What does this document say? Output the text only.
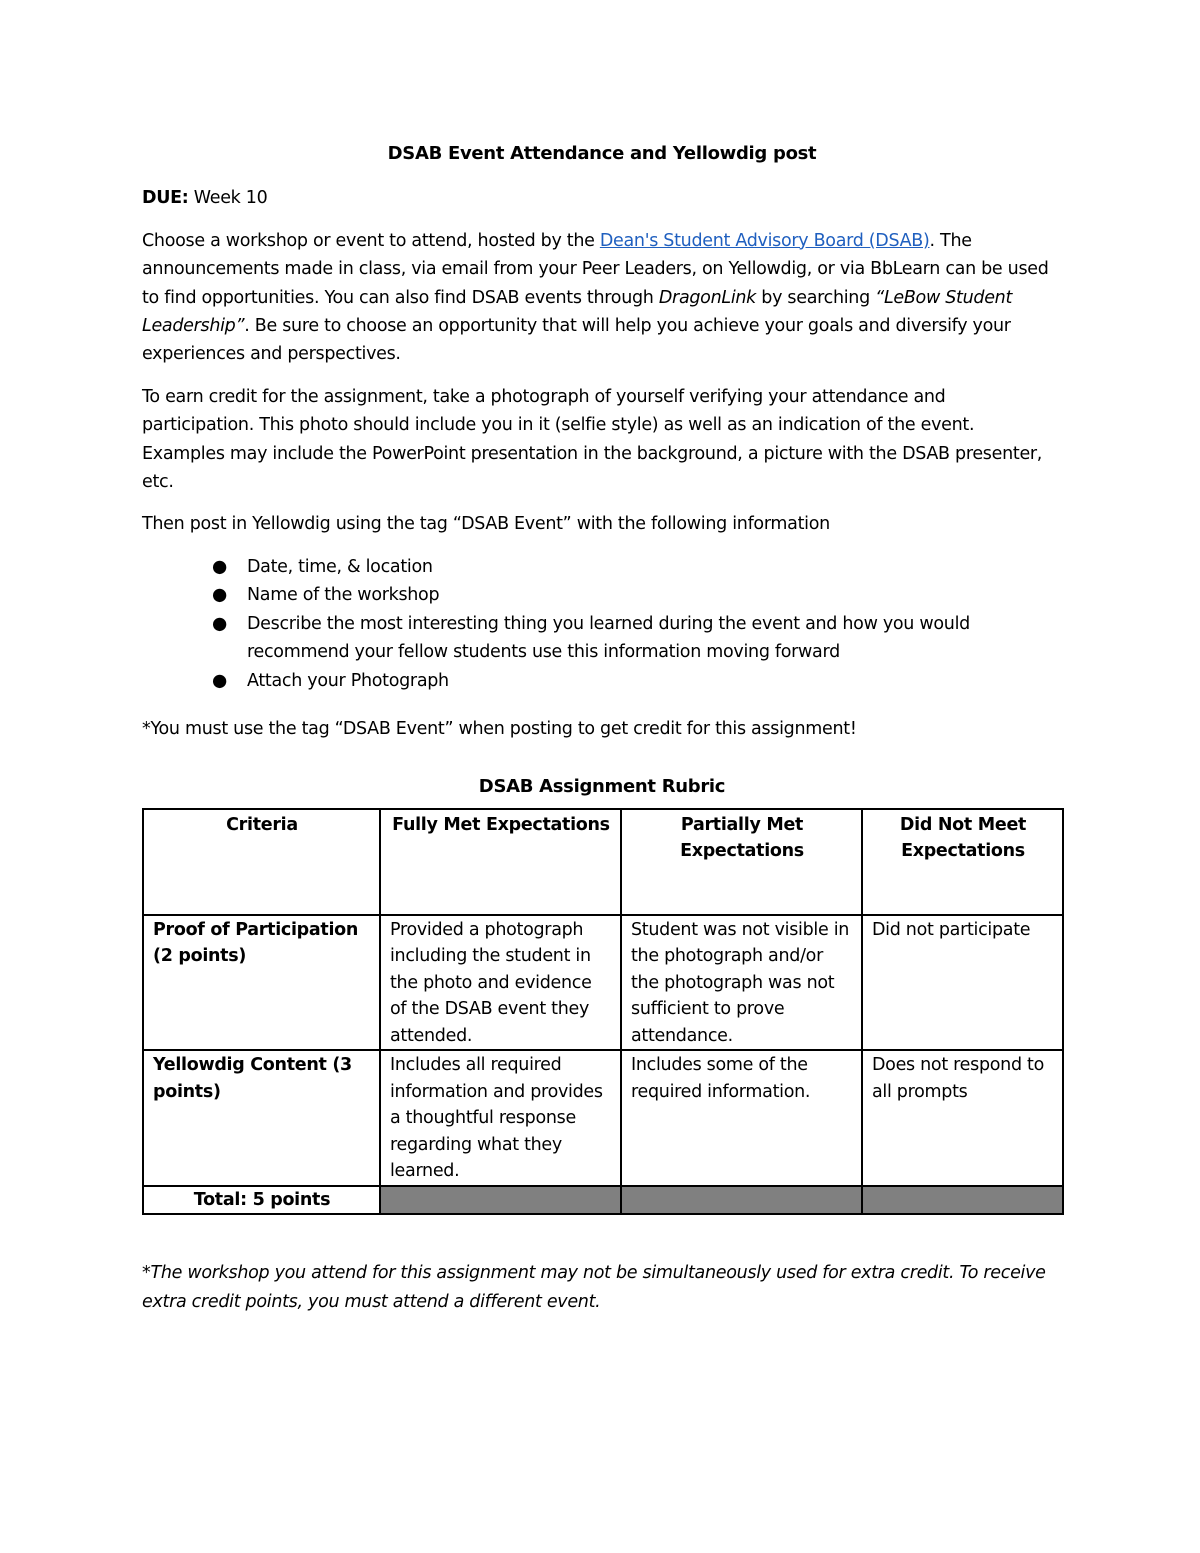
DSAB Event Attendance and Yellowdig post
DUE: Week 10

Choose a workshop or event to attend, hosted by the Dean's Student Advisory Board (DSAB). The announcements made in class, via email from your Peer Leaders, on Yellowdig, or via BbLearn can be used to find opportunities. You can also find DSAB events through DragonLink by searching “LeBow Student Leadership”. Be sure to choose an opportunity that will help you achieve your goals and diversify your experiences and perspectives.

To earn credit for the assignment, take a photograph of yourself verifying your attendance and participation. This photo should include you in it (selfie style) as well as an indication of the event. Examples may include the PowerPoint presentation in the background, a picture with the DSAB presenter, etc.

Then post in Yellowdig using the tag “DSAB Event” with the following information

● Date, time, & location
● Name of the workshop
● Describe the most interesting thing you learned during the event and how you would recommend your fellow students use this information moving forward
● Attach your Photograph
*You must use the tag “DSAB Event” when posting to get credit for this assignment!
DSAB Assignment Rubric
Criteria	Fully Met Expectations	Partially Met Expectations	Did Not Meet Expectations
Proof of Participation (2 points)	Provided a photograph including the student in the photo and evidence of the DSAB event they attended.	Student was not visible in the photograph and/or the photograph was not sufficient to prove attendance.	Did not participate
Yellowdig Content (3 points)	Includes all required information and provides a thoughtful response regarding what they learned.	Includes some of the required information.	Does not respond to all prompts
Total: 5 points			
*The workshop you attend for this assignment may not be simultaneously used for extra credit. To receive extra credit points, you must attend a different event.
